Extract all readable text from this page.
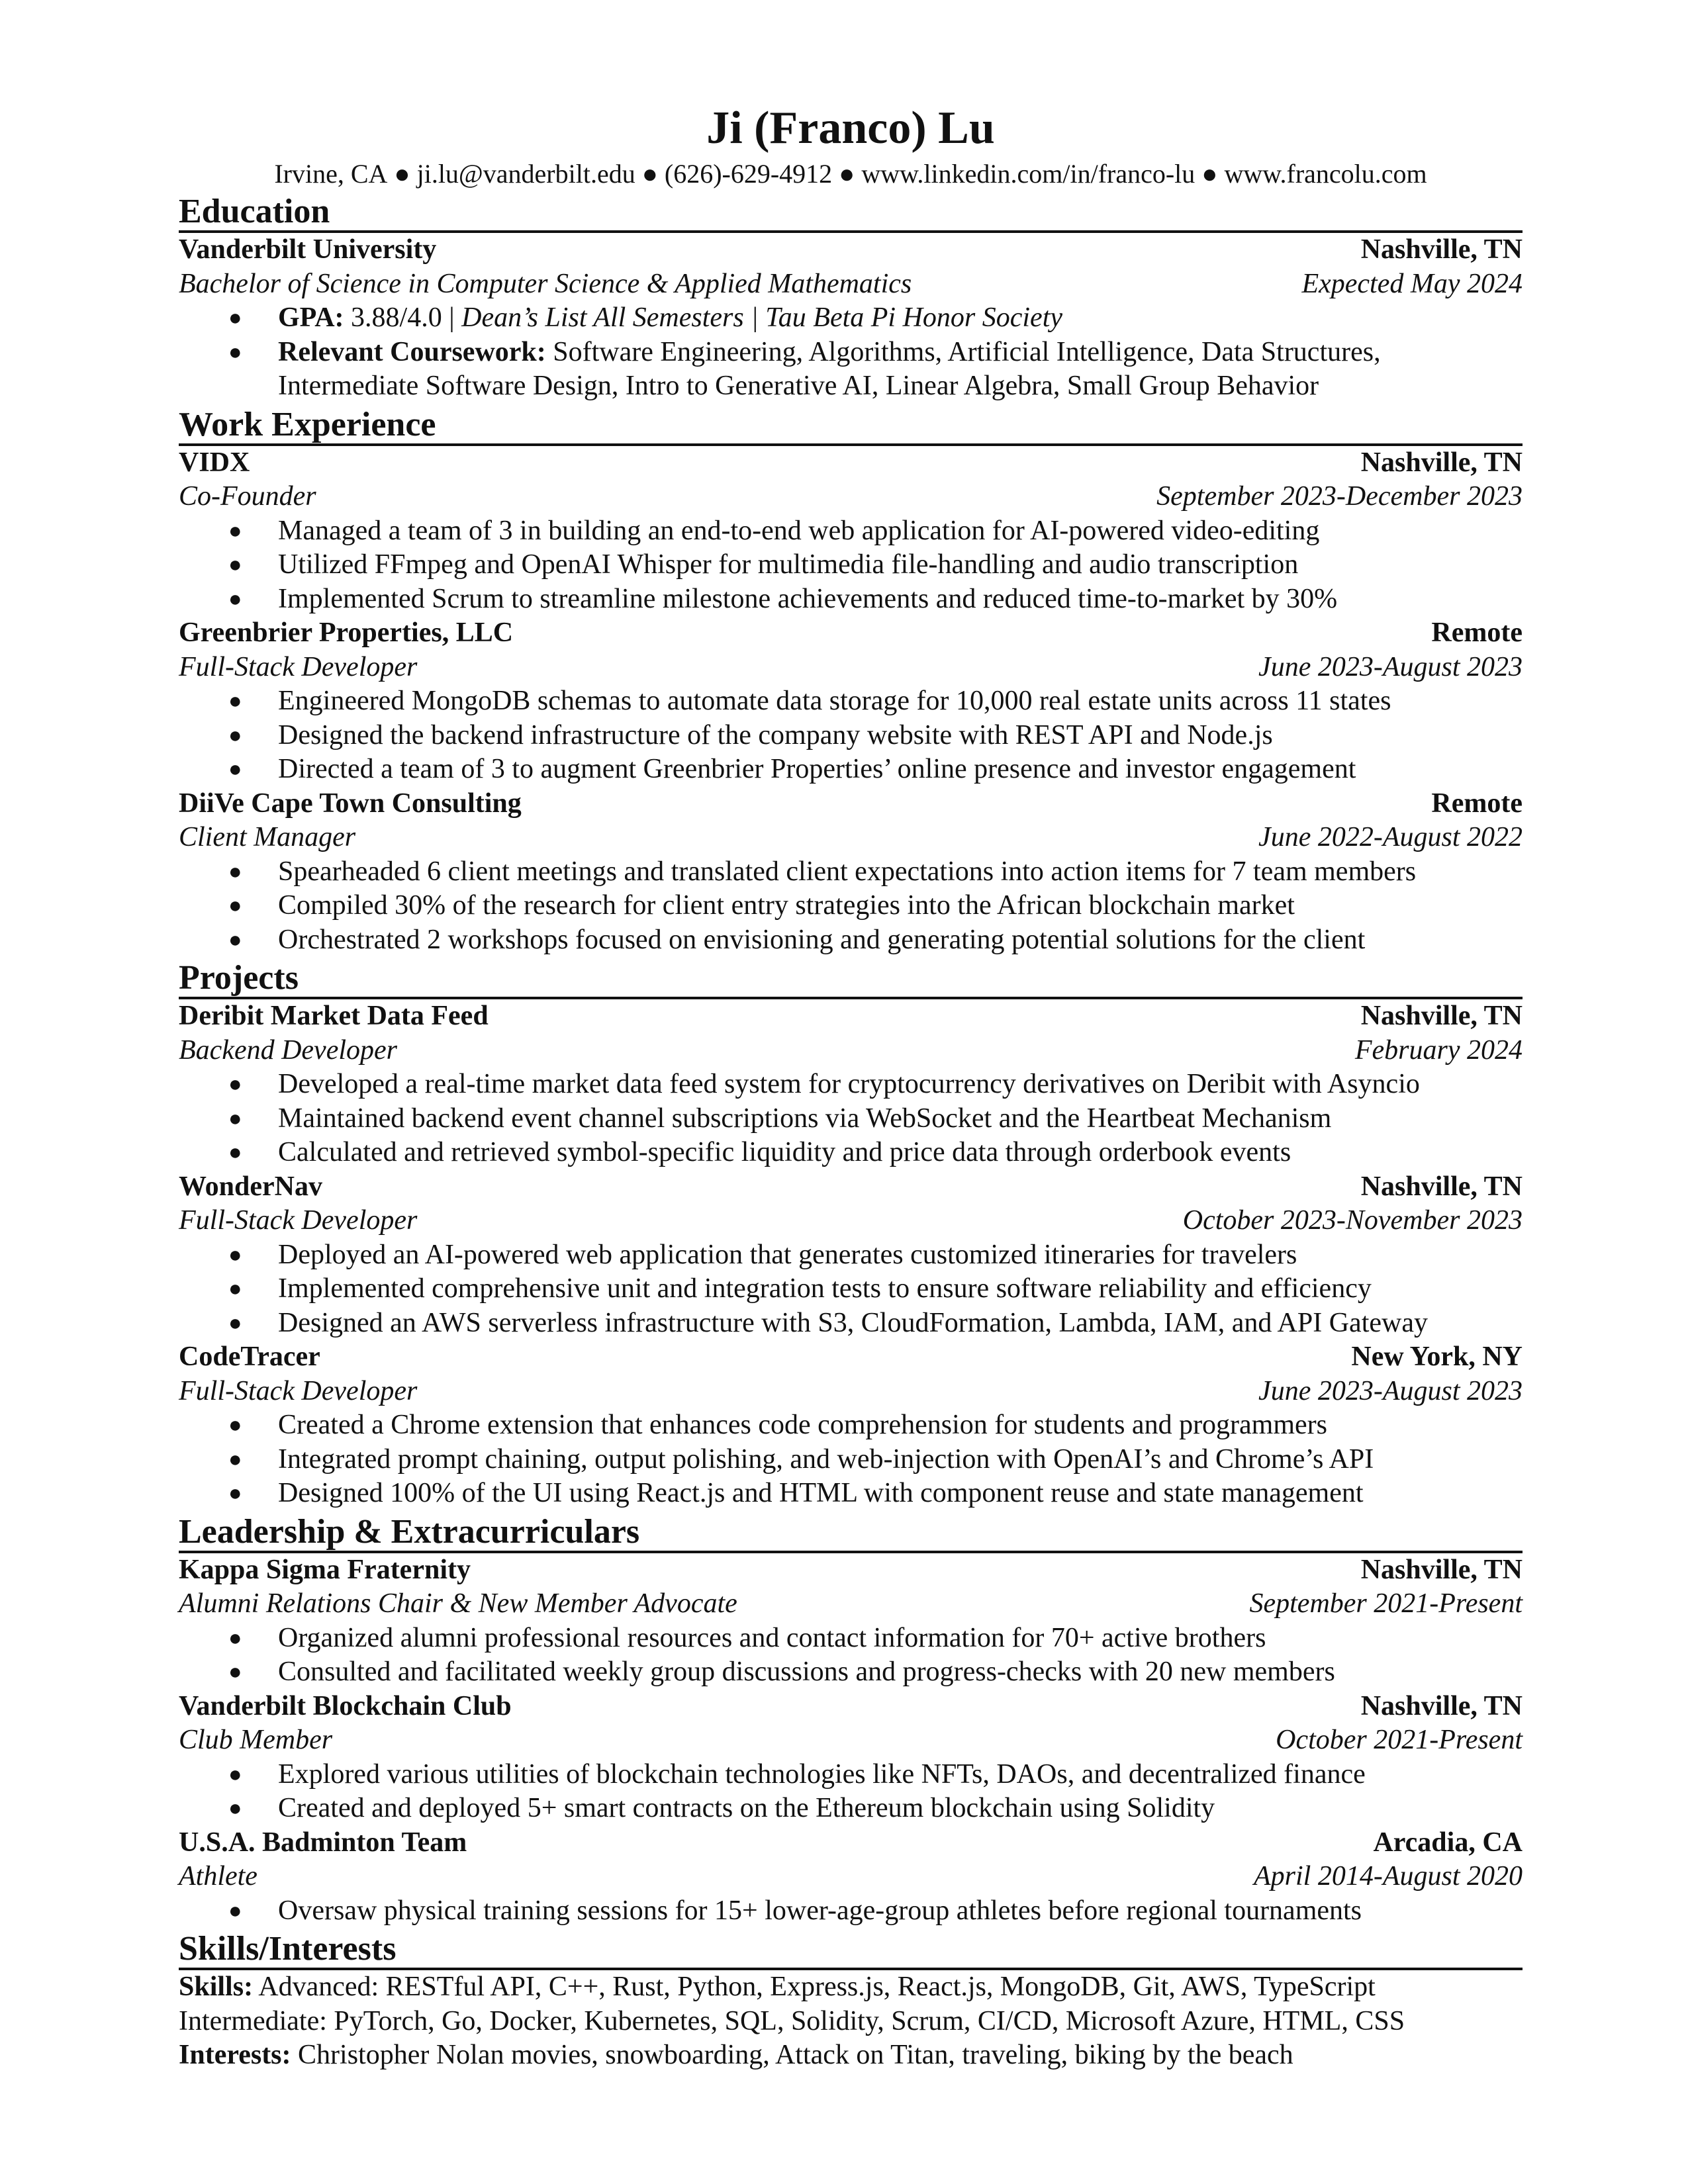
Ji (Franco) Lu
Irvine, CA ● ji.lu@vanderbilt.edu ● (626)-629-4912 ● www.linkedin.com/in/franco-lu ● www.francolu.com
Education
Vanderbilt University	Nashville, TN
Bachelor of Science in Computer Science & Applied Mathematics	Expected May 2024
● GPA: 3.88/4.0 | Dean’s List All Semesters | Tau Beta Pi Honor Society
● Relevant Coursework: Software Engineering, Algorithms, Artificial Intelligence, Data Structures, Intermediate Software Design, Intro to Generative AI, Linear Algebra, Small Group Behavior
Work Experience
VIDX	Nashville, TN
Co-Founder	September 2023-December 2023
● Managed a team of 3 in building an end-to-end web application for AI-powered video-editing
● Utilized FFmpeg and OpenAI Whisper for multimedia file-handling and audio transcription
● Implemented Scrum to streamline milestone achievements and reduced time-to-market by 30%
Greenbrier Properties, LLC	Remote
Full-Stack Developer	June 2023-August 2023
● Engineered MongoDB schemas to automate data storage for 10,000 real estate units across 11 states
● Designed the backend infrastructure of the company website with REST API and Node.js
● Directed a team of 3 to augment Greenbrier Properties’ online presence and investor engagement
DiiVe Cape Town Consulting	Remote
Client Manager	June 2022-August 2022
● Spearheaded 6 client meetings and translated client expectations into action items for 7 team members
● Compiled 30% of the research for client entry strategies into the African blockchain market
● Orchestrated 2 workshops focused on envisioning and generating potential solutions for the client
Projects
Deribit Market Data Feed	Nashville, TN
Backend Developer	February 2024
● Developed a real-time market data feed system for cryptocurrency derivatives on Deribit with Asyncio
● Maintained backend event channel subscriptions via WebSocket and the Heartbeat Mechanism
● Calculated and retrieved symbol-specific liquidity and price data through orderbook events
WonderNav	Nashville, TN
Full-Stack Developer	October 2023-November 2023
● Deployed an AI-powered web application that generates customized itineraries for travelers
● Implemented comprehensive unit and integration tests to ensure software reliability and efficiency
● Designed an AWS serverless infrastructure with S3, CloudFormation, Lambda, IAM, and API Gateway
CodeTracer	New York, NY
Full-Stack Developer	June 2023-August 2023
● Created a Chrome extension that enhances code comprehension for students and programmers
● Integrated prompt chaining, output polishing, and web-injection with OpenAI’s and Chrome’s API
● Designed 100% of the UI using React.js and HTML with component reuse and state management
Leadership & Extracurriculars
Kappa Sigma Fraternity	Nashville, TN
Alumni Relations Chair & New Member Advocate	September 2021-Present
● Organized alumni professional resources and contact information for 70+ active brothers
● Consulted and facilitated weekly group discussions and progress-checks with 20 new members
Vanderbilt Blockchain Club	Nashville, TN
Club Member	October 2021-Present
● Explored various utilities of blockchain technologies like NFTs, DAOs, and decentralized finance
● Created and deployed 5+ smart contracts on the Ethereum blockchain using Solidity
U.S.A. Badminton Team	Arcadia, CA
Athlete	April 2014-August 2020
● Oversaw physical training sessions for 15+ lower-age-group athletes before regional tournaments
Skills/Interests
Skills: Advanced: RESTful API, C++, Rust, Python, Express.js, React.js, MongoDB, Git, AWS, TypeScript
Intermediate: PyTorch, Go, Docker, Kubernetes, SQL, Solidity, Scrum, CI/CD, Microsoft Azure, HTML, CSS
Interests: Christopher Nolan movies, snowboarding, Attack on Titan, traveling, biking by the beach
